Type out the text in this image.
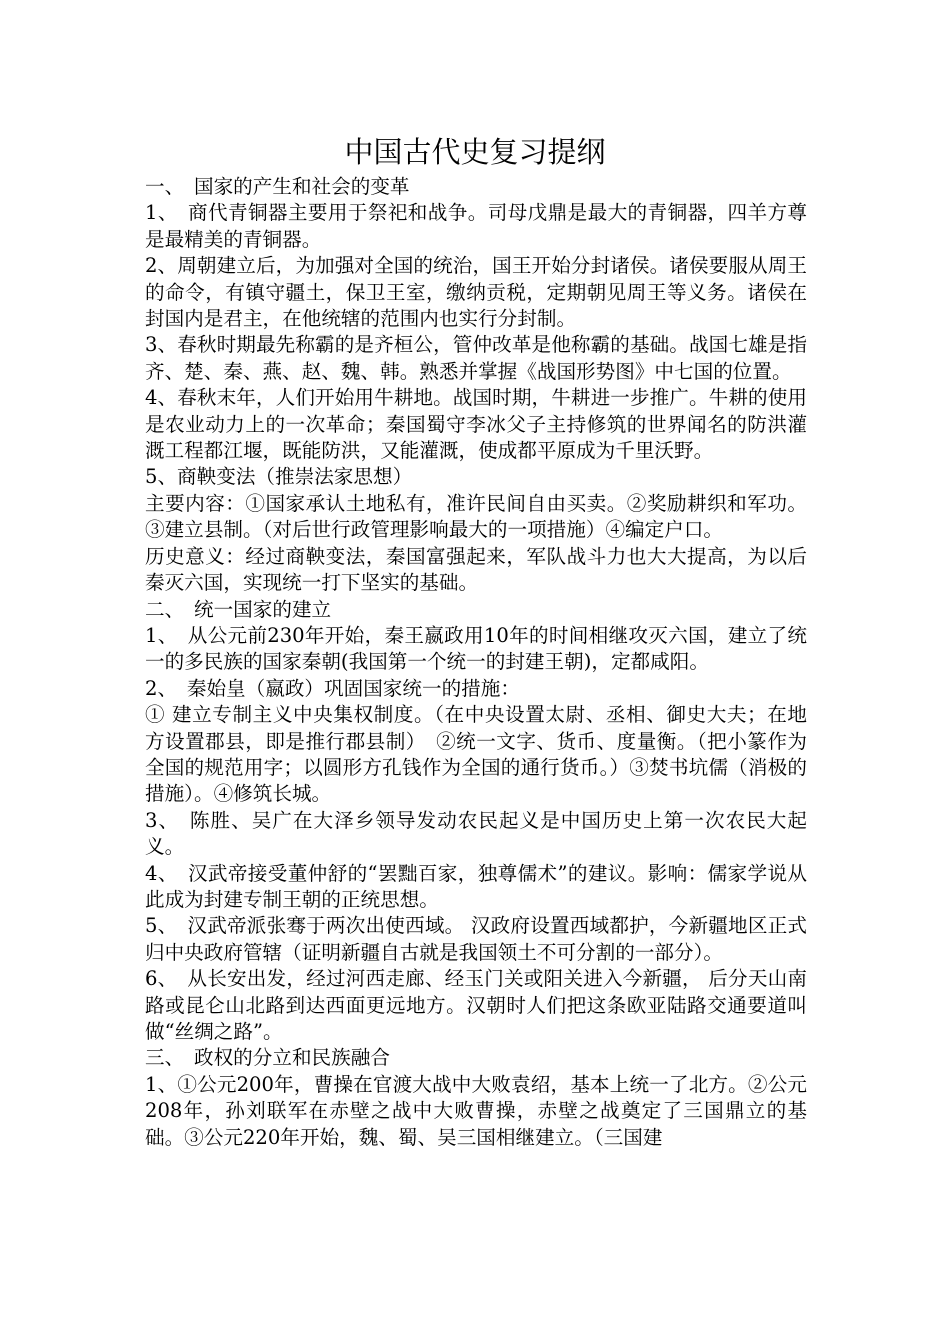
中国古代史复习提纲

一、　国家的产生和社会的变革

1、　商代青铜器主要用于祭祀和战争。司母戊鼎是最大的青铜器，四羊方尊是最精美的青铜器。

2、周朝建立后，为加强对全国的统治，国王开始分封诸侯。诸侯要服从周王的命令，有镇守疆土，保卫王室，缴纳贡税，定期朝见周王等义务。诸侯在封国内是君主，在他统辖的范围内也实行分封制。

3、春秋时期最先称霸的是齐桓公，管仲改革是他称霸的基础。战国七雄是指齐、楚、秦、燕、赵、魏、韩。熟悉并掌握《战国形势图》中七国的位置。

4、春秋末年，人们开始用牛耕地。战国时期，牛耕进一步推广。牛耕的使用是农业动力上的一次革命；秦国蜀守李冰父子主持修筑的世界闻名的防洪灌溉工程都江堰，既能防洪，又能灌溉，使成都平原成为千里沃野。

5、商鞅变法（推崇法家思想）

主要内容：①国家承认土地私有，准许民间自由买卖。②奖励耕织和军功。③建立县制。（对后世行政管理影响最大的一项措施）④编定户口。

历史意义：经过商鞅变法，秦国富强起来，军队战斗力也大大提高，为以后秦灭六国，实现统一打下坚实的基础。

二、　统一国家的建立

1、　从公元前230年开始，秦王嬴政用10年的时间相继攻灭六国，建立了统一的多民族的国家秦朝(我国第一个统一的封建王朝)，定都咸阳。

2、　秦始皇（嬴政）巩固国家统一的措施：

① 建立专制主义中央集权制度。（在中央设置太尉、丞相、御史大夫；在地方设置郡县，即是推行郡县制）　②统一文字、货币、度量衡。（把小篆作为全国的规范用字；以圆形方孔钱作为全国的通行货币。）③焚书坑儒（消极的措施）。④修筑长城。

3、　陈胜、吴广在大泽乡领导发动农民起义是中国历史上第一次农民大起义。

4、　汉武帝接受董仲舒的“罢黜百家，独尊儒术”的建议。影响：儒家学说从此成为封建专制王朝的正统思想。

5、　汉武帝派张骞于两次出使西域。 汉政府设置西域都护，今新疆地区正式归中央政府管辖（证明新疆自古就是我国领土不可分割的一部分）。

6、　从长安出发，经过河西走廊、经玉门关或阳关进入今新疆， 后分天山南路或昆仑山北路到达西面更远地方。汉朝时人们把这条欧亚陆路交通要道叫做“丝绸之路”。

三、　政权的分立和民族融合

1、①公元200年，曹操在官渡大战中大败袁绍，基本上统一了北方。②公元208年，孙刘联军在赤壁之战中大败曹操，赤壁之战奠定了三国鼎立的基础。③公元220年开始，魏、蜀、吴三国相继建立。（三国建
